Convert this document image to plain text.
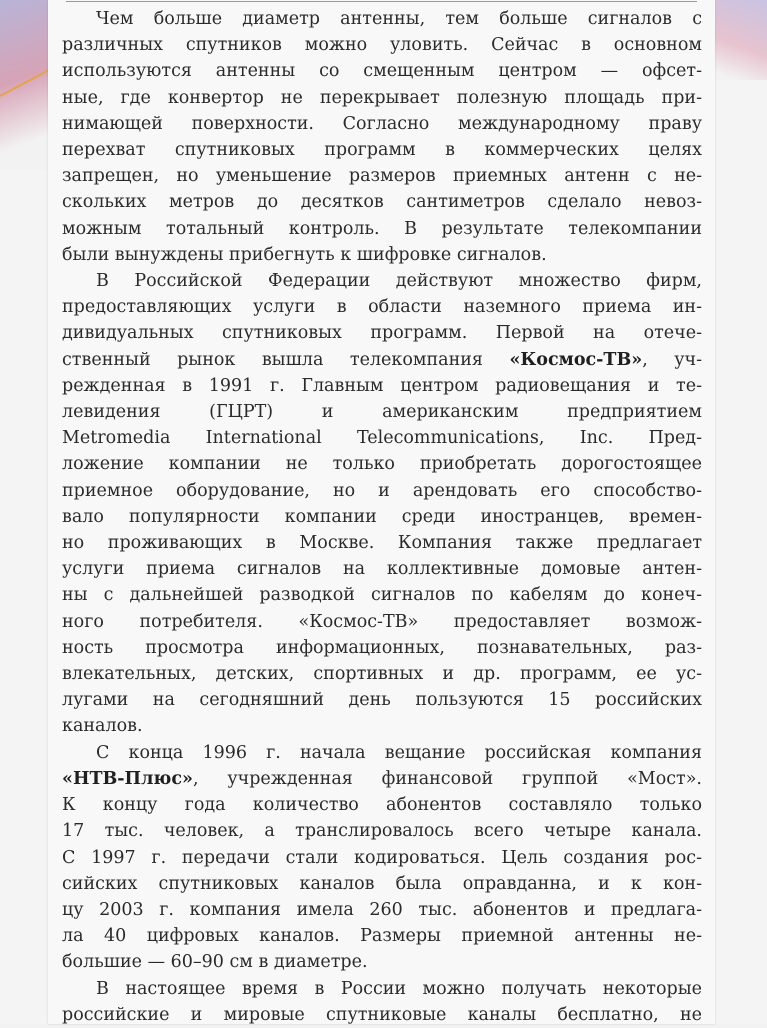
Чем больше диаметр антенны, тем больше сигналов с
различных спутников можно уловить. Сейчас в основном
используются антенны со смещенным центром — офсет-
ные, где конвертор не перекрывает полезную площадь при-
нимающей поверхности. Согласно международному праву
перехват спутниковых программ в коммерческих целях
запрещен, но уменьшение размеров приемных антенн с не-
скольких метров до десятков сантиметров сделало невоз-
можным тотальный контроль. В результате телекомпании
были вынуждены прибегнуть к шифровке сигналов.
В Российской Федерации действуют множество фирм,
предоставляющих услуги в области наземного приема ин-
дивидуальных спутниковых программ. Первой на отече-
ственный рынок вышла телекомпания «Космос-ТВ», уч-
режденная в 1991 г. Главным центром радиовещания и те-
левидения (ГЦРТ) и американским предприятием
Metromedia International Telecommunications, Inc. Пред-
ложение компании не только приобретать дорогостоящее
приемное оборудование, но и арендовать его способство-
вало популярности компании среди иностранцев, времен-
но проживающих в Москве. Компания также предлагает
услуги приема сигналов на коллективные домовые антен-
ны с дальнейшей разводкой сигналов по кабелям до конеч-
ного потребителя. «Космос-ТВ» предоставляет возмож-
ность просмотра информационных, познавательных, раз-
влекательных, детских, спортивных и др. программ, ее ус-
лугами на сегодняшний день пользуются 15 российских
каналов.
С конца 1996 г. начала вещание российская компания
«НТВ-Плюс», учрежденная финансовой группой «Мост».
К концу года количество абонентов составляло только
17 тыс. человек, а транслировалось всего четыре канала.
С 1997 г. передачи стали кодироваться. Цель создания рос-
сийских спутниковых каналов была оправданна, и к кон-
цу 2003 г. компания имела 260 тыс. абонентов и предлага-
ла 40 цифровых каналов. Размеры приемной антенны не-
большие — 60–90 см в диаметре.
В настоящее время в России можно получать некоторые
российские и мировые спутниковые каналы бесплатно, не
